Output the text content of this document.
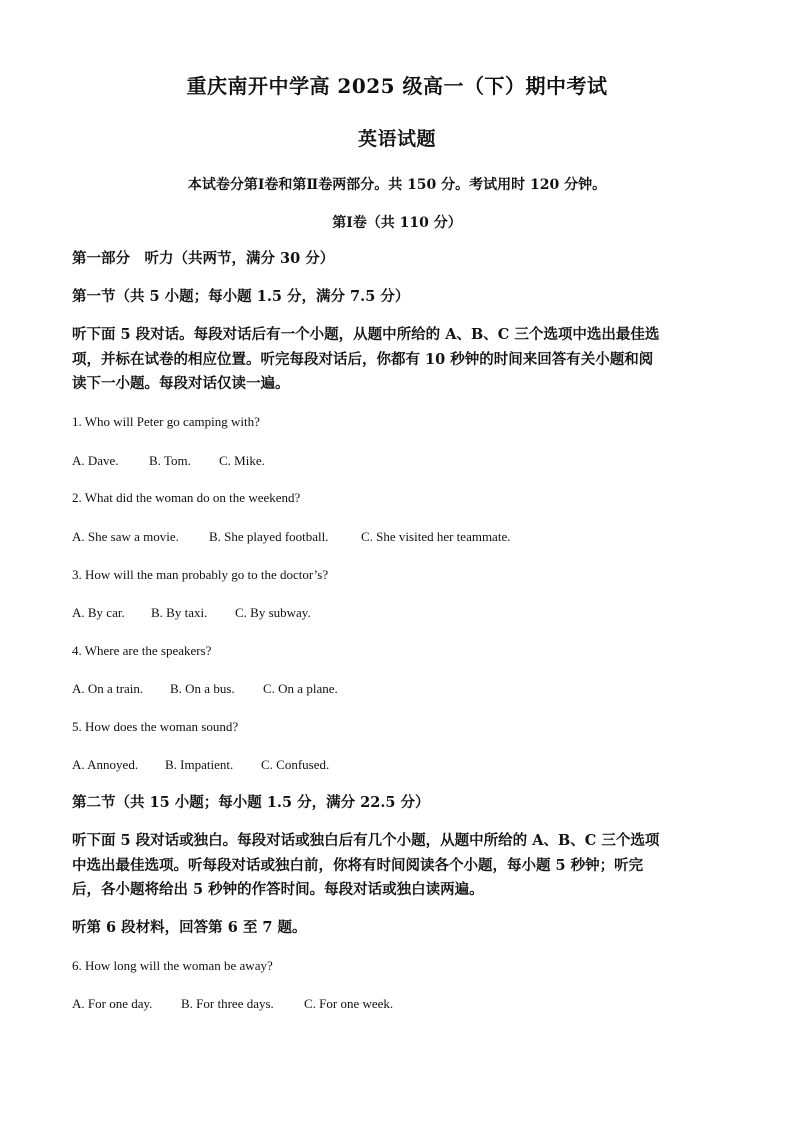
重庆南开中学高 2025 级高一（下）期中考试
英语试题
本试卷分第Ⅰ卷和第Ⅱ卷两部分。共 150 分。考试用时 120 分钟。
第Ⅰ卷（共 110 分）
第一部分　听力（共两节，满分 30 分）
第一节（共 5 小题；每小题 1.5 分，满分 7.5 分）
听下面 5 段对话。每段对话后有一个小题，从题中所给的 A、B、C 三个选项中选出最佳选
项，并标在试卷的相应位置。听完每段对话后，你都有 10 秒钟的时间来回答有关小题和阅
读下一小题。每段对话仅读一遍。
1. Who will Peter go camping with?
A. Dave. B. Tom. C. Mike.
2. What did the woman do on the weekend?
A. She saw a movie. B. She played football. C. She visited her teammate.
3. How will the man probably go to the doctor’s?
A. By car. B. By taxi. C. By subway.
4. Where are the speakers?
A. On a train. B. On a bus. C. On a plane.
5. How does the woman sound?
A. Annoyed. B. Impatient. C. Confused.
第二节（共 15 小题；每小题 1.5 分，满分 22.5 分）
听下面 5 段对话或独白。每段对话或独白后有几个小题，从题中所给的 A、B、C 三个选项
中选出最佳选项。听每段对话或独白前，你将有时间阅读各个小题，每小题 5 秒钟；听完
后，各小题将给出 5 秒钟的作答时间。每段对话或独白读两遍。
听第 6 段材料，回答第 6 至 7 题。
6. How long will the woman be away?
A. For one day. B. For three days. C. For one week.
